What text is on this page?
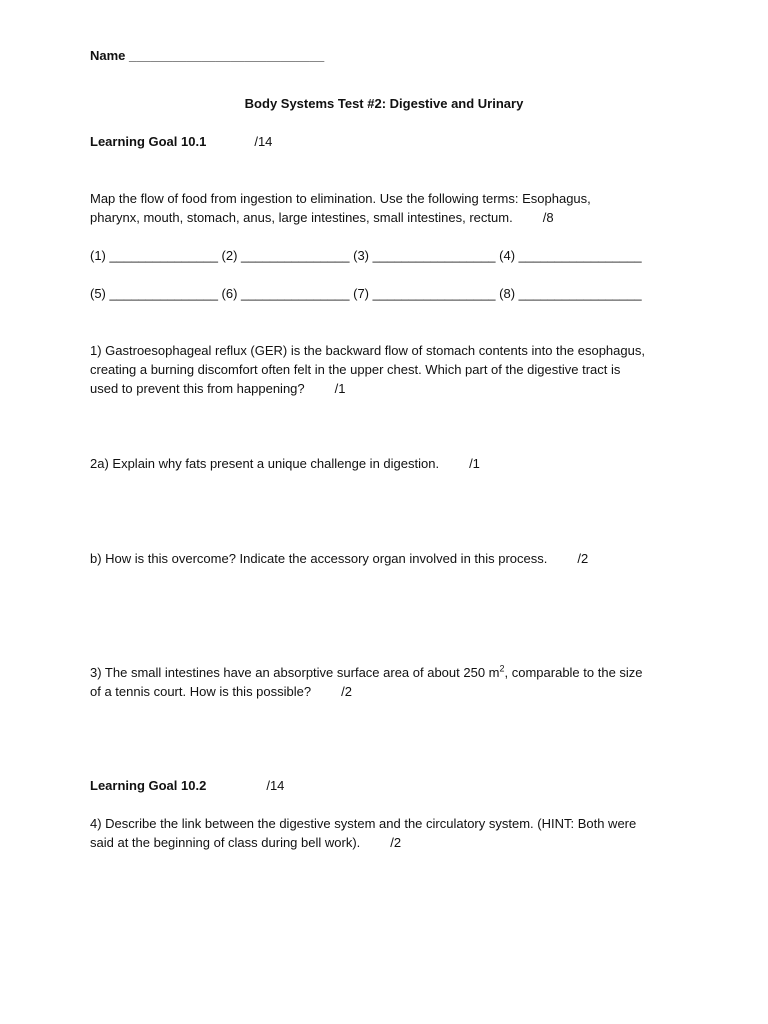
Name ___________________________
Body Systems Test #2: Digestive and Urinary
Learning Goal 10.1	/14
Map the flow of food from ingestion to elimination. Use the following terms: Esophagus,
pharynx, mouth, stomach, anus, large intestines, small intestines, rectum. /8
(1) _______________ (2) _______________ (3) _________________ (4) _________________
(5) _______________ (6) _______________ (7) _________________ (8) _________________
1) Gastroesophageal reflux (GER) is the backward flow of stomach contents into the esophagus,
creating a burning discomfort often felt in the upper chest. Which part of the digestive tract is
used to prevent this from happening? /1
2a) Explain why fats present a unique challenge in digestion. /1
b) How is this overcome? Indicate the accessory organ involved in this process. /2
3) The small intestines have an absorptive surface area of about 250 $m^2$, comparable to the size
of a tennis court. How is this possible? /2
Learning Goal 10.2	/14
4) Describe the link between the digestive system and the circulatory system. (HINT: Both were
said at the beginning of class during bell work). /2
